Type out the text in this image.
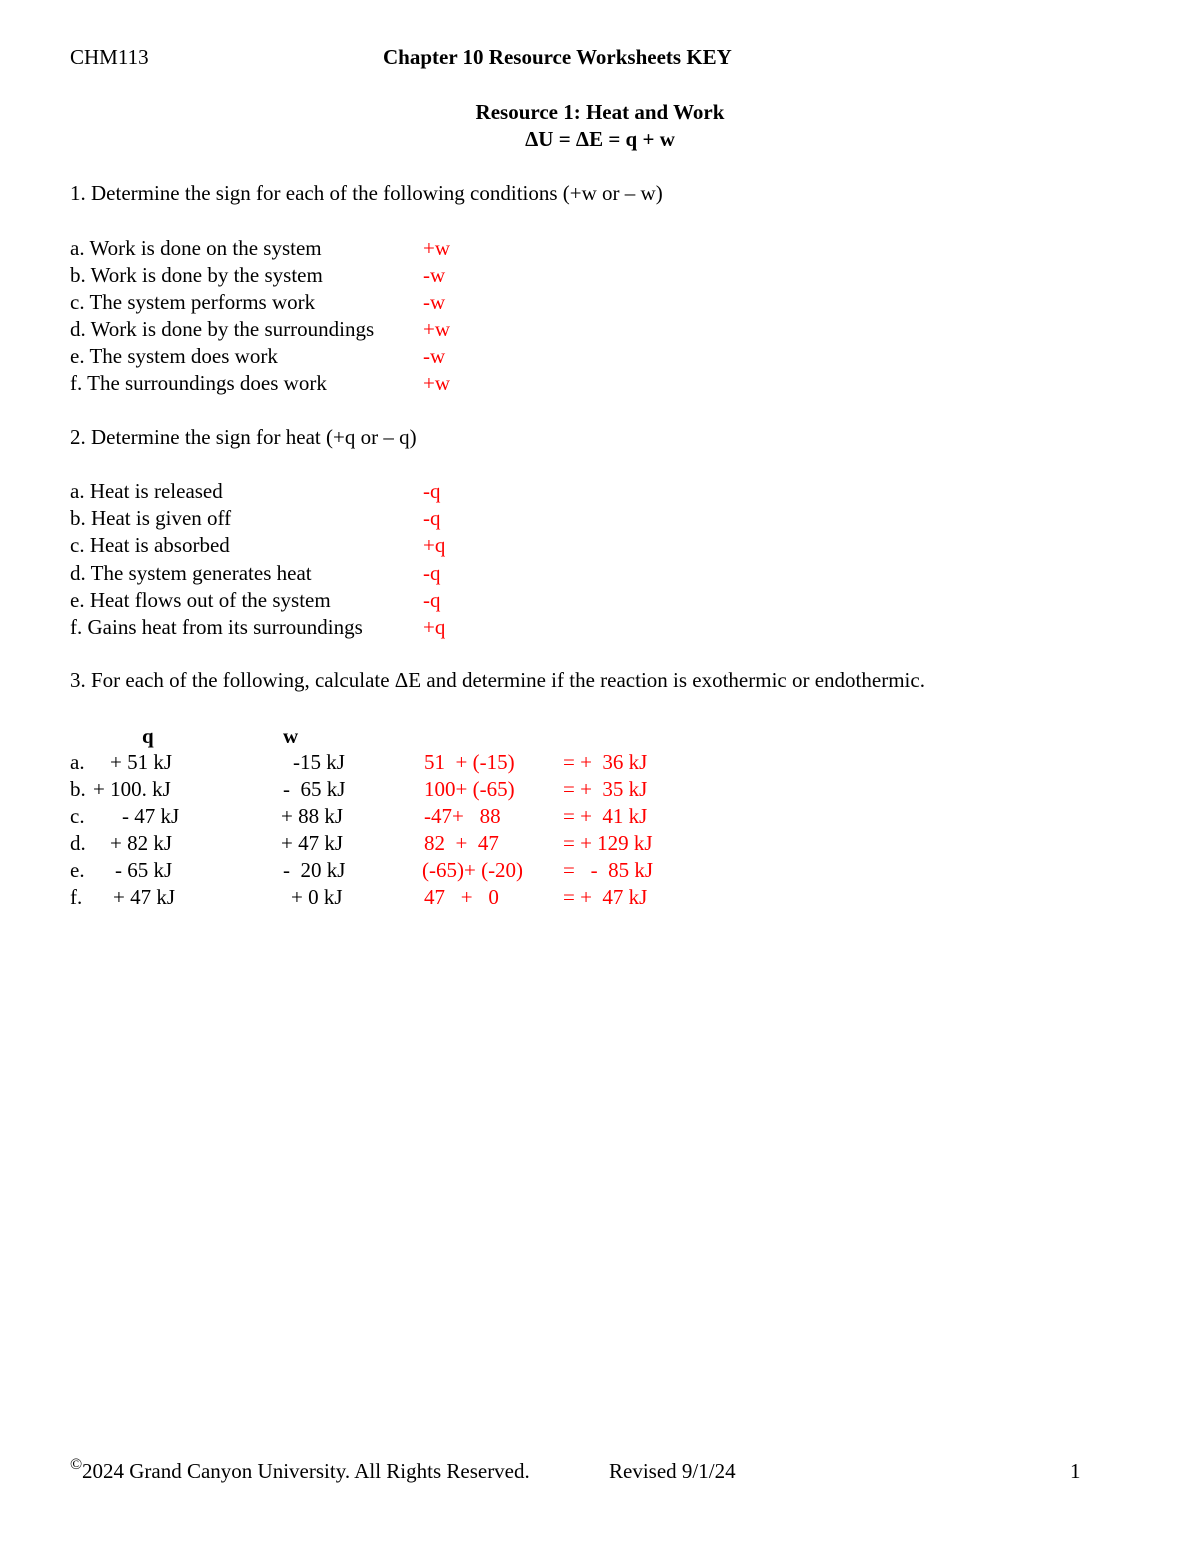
CHM113	Chapter 10 Resource Worksheets KEY
Resource 1: Heat and Work
ΔU = ΔE = q + w
1. Determine the sign for each of the following conditions (+w or – w)
a. Work is done on the system	+w
b. Work is done by the system	-w
c. The system performs work	-w
d. Work is done by the surroundings +w
e. The system does work	-w
f. The surroundings does work	+w
2. Determine the sign for heat (+q or – q)
a. Heat is released	-q
b. Heat is given off	-q
c. Heat is absorbed	+q
d. The system generates heat	-q
e. Heat flows out of the system	-q
f. Gains heat from its surroundings	+q
3. For each of the following, calculate ΔE and determine if the reaction is exothermic or endothermic.
q	w
a. + 51 kJ	-15 kJ	51  + (-15) = +  36 kJ
b. + 100. kJ	-  65 kJ	100+ (-65) = +  35 kJ
c. - 47 kJ	+ 88 kJ	-47+   88	= +  41 kJ
d. + 82 kJ	+ 47 kJ	82  +  47	= + 129 kJ
e. - 65 kJ	-  20 kJ	(-65)+ (-20) =   -  85 kJ
f. + 47 kJ	+ 0 kJ	47   +   0	= +  47 kJ
© 2024 Grand Canyon University. All Rights Reserved.	Revised 9/1/24	1
